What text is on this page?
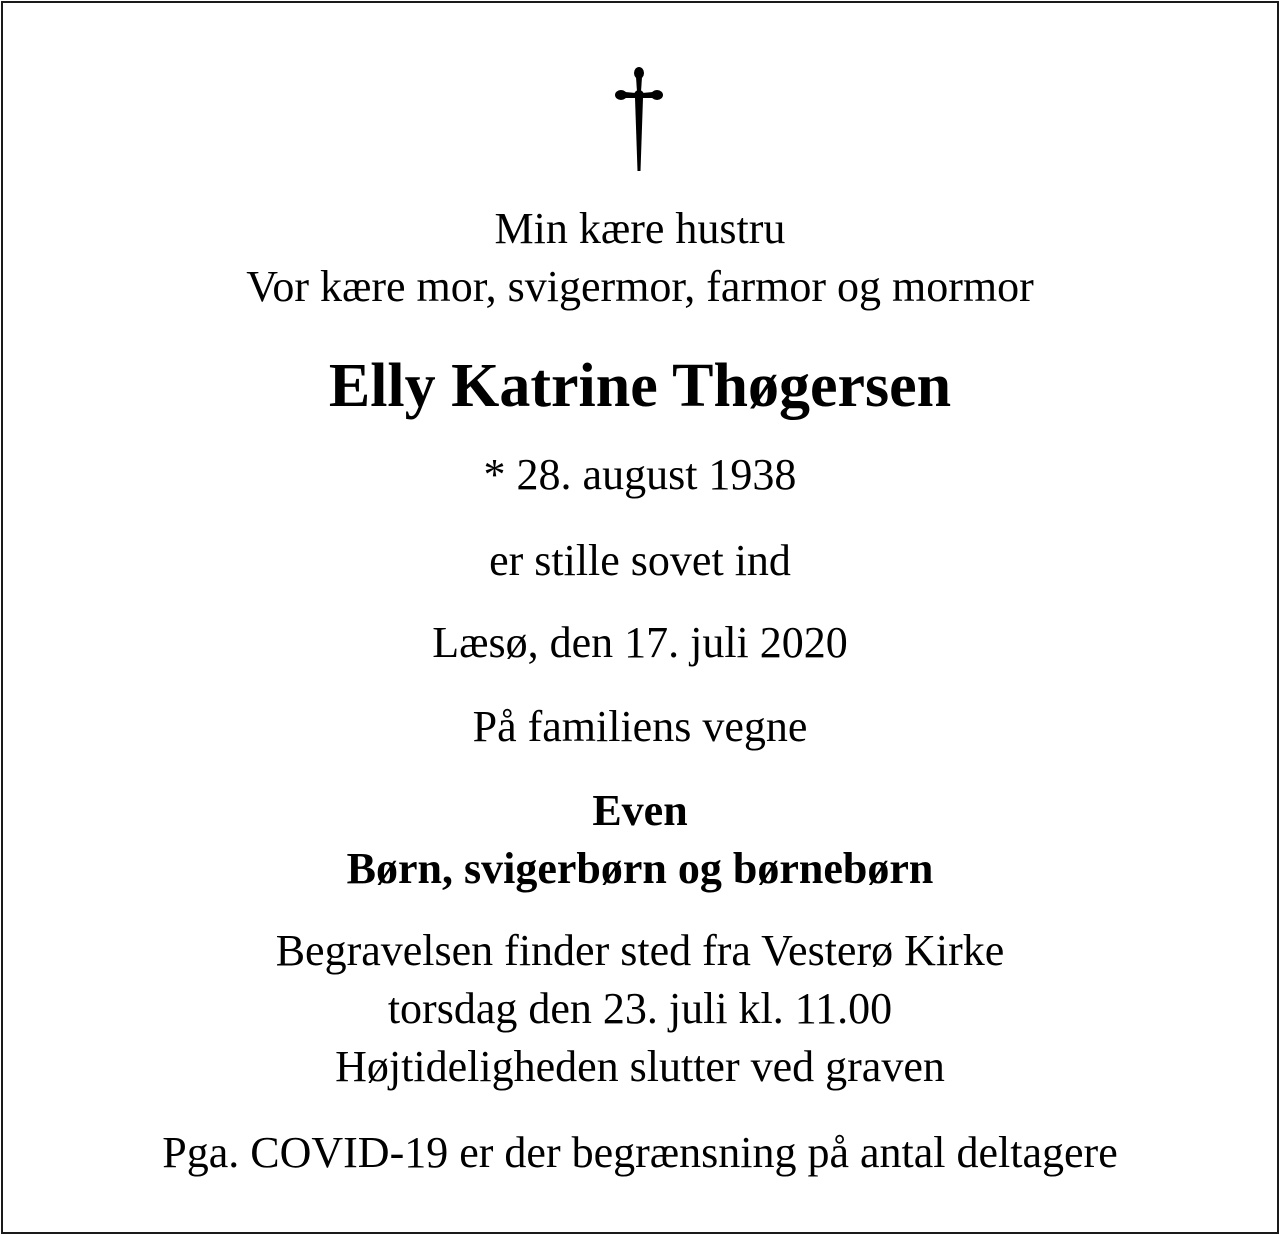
Min kære hustru
Vor kære mor, svigermor, farmor og mormor
Elly Katrine Thøgersen
* 28. august 1938
er stille sovet ind
Læsø, den 17. juli 2020
På familiens vegne
Even
Børn, svigerbørn og børnebørn
Begravelsen finder sted fra Vesterø Kirke
torsdag den 23. juli kl. 11.00
Højtideligheden slutter ved graven
Pga. COVID-19 er der begrænsning på antal deltagere
